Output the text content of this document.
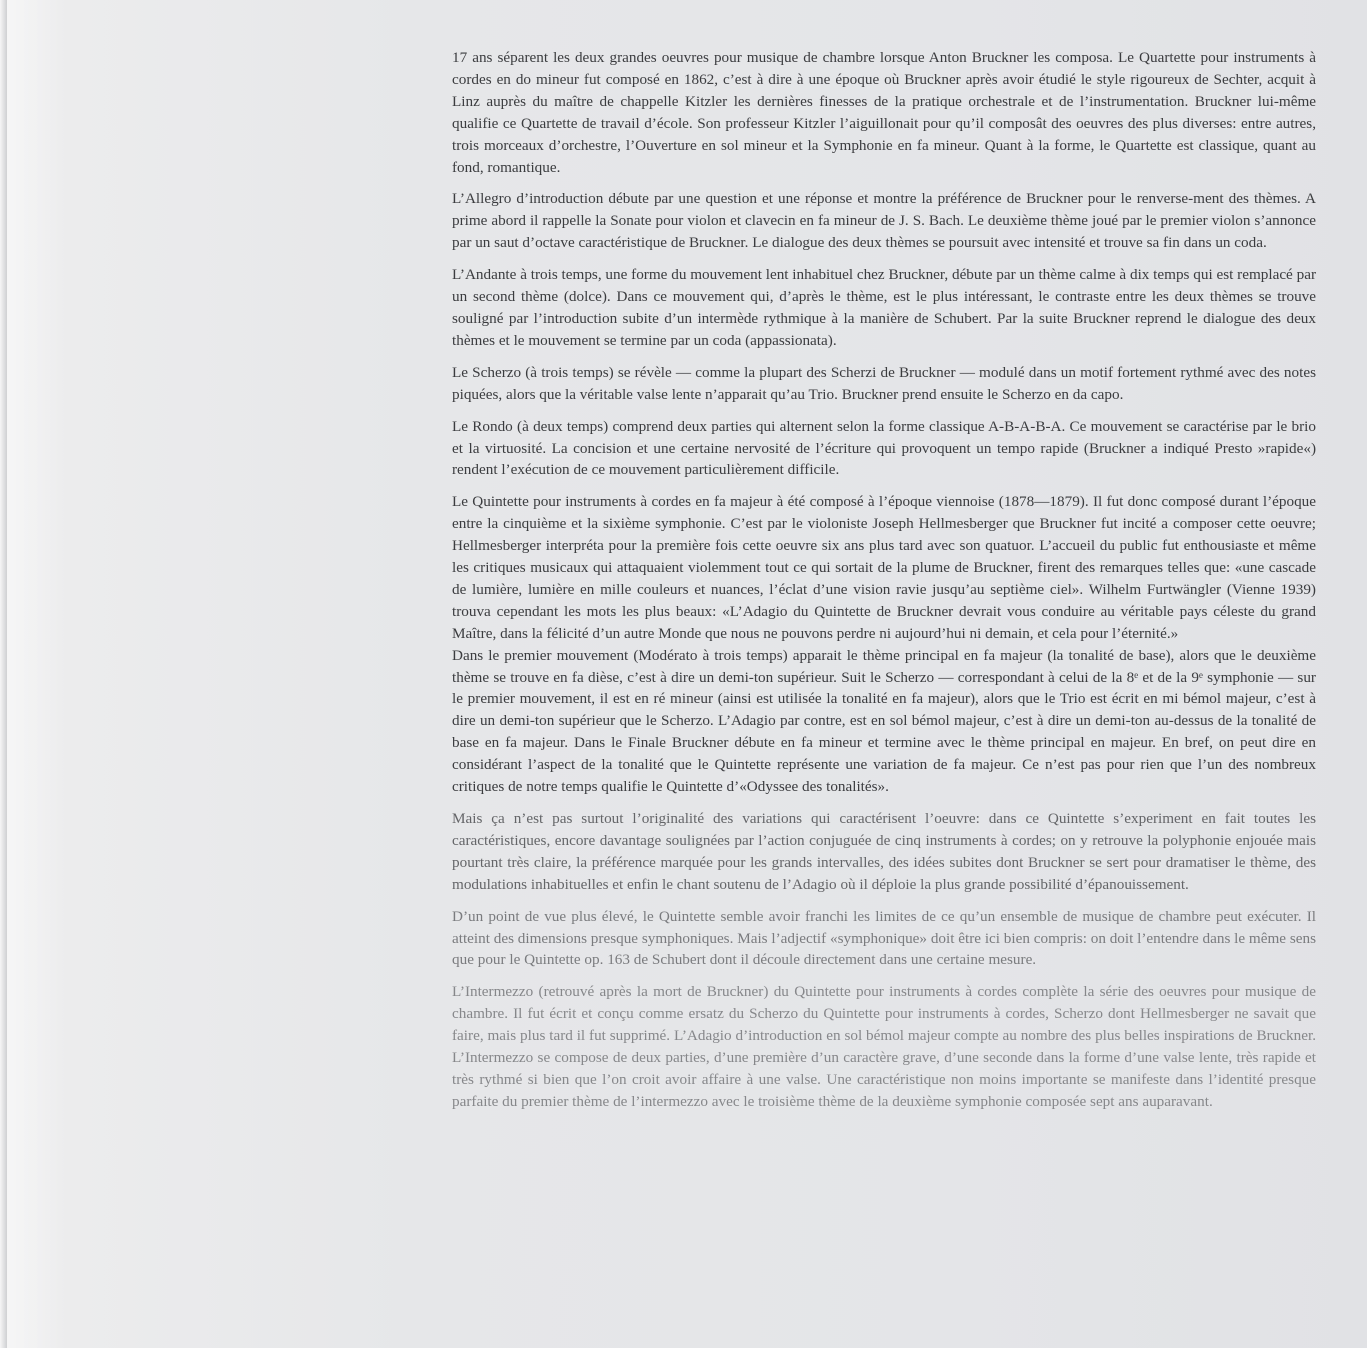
17 ans séparent les deux grandes oeuvres pour musique de chambre lorsque Anton Bruckner les composa. Le Quartette pour instruments à cordes en do mineur fut composé en 1862, c’est à dire à une époque où Bruckner après avoir étudié le style rigoureux de Sechter, acquit à Linz auprès du maître de chappelle Kitzler les dernières finesses de la pratique orchestrale et de l’instrumentation. Bruckner lui-même qualifie ce Quartette de travail d’école. Son professeur Kitzler l’aiguillonait pour qu’il composât des oeuvres des plus diverses: entre autres, trois morceaux d’orchestre, l’Ouverture en sol mineur et la Symphonie en fa mineur. Quant à la forme, le Quartette est classique, quant au fond, romantique.

L’Allegro d’introduction débute par une question et une réponse et montre la préférence de Bruckner pour le renverse-ment des thèmes. A prime abord il rappelle la Sonate pour violon et clavecin en fa mineur de J. S. Bach. Le deuxième thème joué par le premier violon s’annonce par un saut d’octave caractéristique de Bruckner. Le dialogue des deux thèmes se poursuit avec intensité et trouve sa fin dans un coda.

L’Andante à trois temps, une forme du mouvement lent inhabituel chez Bruckner, débute par un thème calme à dix temps qui est remplacé par un second thème (dolce). Dans ce mouvement qui, d’après le thème, est le plus intéressant, le contraste entre les deux thèmes se trouve souligné par l’introduction subite d’un intermède rythmique à la manière de Schubert. Par la suite Bruckner reprend le dialogue des deux thèmes et le mouvement se termine par un coda (appassionata).

Le Scherzo (à trois temps) se révèle — comme la plupart des Scherzi de Bruckner — modulé dans un motif fortement rythmé avec des notes piquées, alors que la véritable valse lente n’apparait qu’au Trio. Bruckner prend ensuite le Scherzo en da capo.

Le Rondo (à deux temps) comprend deux parties qui alternent selon la forme classique A-B-A-B-A. Ce mouvement se caractérise par le brio et la virtuosité. La concision et une certaine nervosité de l’écriture qui provoquent un tempo rapide (Bruckner a indiqué Presto »rapide«) rendent l’exécution de ce mouvement particulièrement difficile.

Le Quintette pour instruments à cordes en fa majeur à été composé à l’époque viennoise (1878—1879). Il fut donc composé durant l’époque entre la cinquième et la sixième symphonie. C’est par le violoniste Joseph Hellmesberger que Bruckner fut incité a composer cette oeuvre; Hellmesberger interpréta pour la première fois cette oeuvre six ans plus tard avec son quatuor. L’accueil du public fut enthousiaste et même les critiques musicaux qui attaquaient violemment tout ce qui sortait de la plume de Bruckner, firent des remarques telles que: «une cascade de lumière, lumière en mille couleurs et nuances, l’éclat d’une vision ravie jusqu’au septième ciel». Wilhelm Furtwängler (Vienne 1939) trouva cependant les mots les plus beaux: «L’Adagio du Quintette de Bruckner devrait vous conduire au véritable pays céleste du grand Maître, dans la félicité d’un autre Monde que nous ne pouvons perdre ni aujourd’hui ni demain, et cela pour l’éternité.»

Dans le premier mouvement (Modérato à trois temps) apparait le thème principal en fa majeur (la tonalité de base), alors que le deuxième thème se trouve en fa dièse, c’est à dire un demi-ton supérieur. Suit le Scherzo — correspondant à celui de la 8ᵉ et de la 9ᵉ symphonie — sur le premier mouvement, il est en ré mineur (ainsi est utilisée la tonalité en fa majeur), alors que le Trio est écrit en mi bémol majeur, c’est à dire un demi-ton supérieur que le Scherzo. L’Adagio par contre, est en sol bémol majeur, c’est à dire un demi-ton au-dessus de la tonalité de base en fa majeur. Dans le Finale Bruckner débute en fa mineur et termine avec le thème principal en majeur. En bref, on peut dire en considérant l’aspect de la tonalité que le Quintette représente une variation de fa majeur. Ce n’est pas pour rien que l’un des nombreux critiques de notre temps qualifie le Quintette d’«Odyssee des tonalités».

Mais ça n’est pas surtout l’originalité des variations qui caractérisent l’oeuvre: dans ce Quintette s’experiment en fait toutes les caractéristiques, encore davantage soulignées par l’action conjuguée de cinq instruments à cordes; on y retrouve la polyphonie enjouée mais pourtant très claire, la préférence marquée pour les grands intervalles, des idées subites dont Bruckner se sert pour dramatiser le thème, des modulations inhabituelles et enfin le chant soutenu de l’Adagio où il déploie la plus grande possibilité d’épanouissement.

D’un point de vue plus élevé, le Quintette semble avoir franchi les limites de ce qu’un ensemble de musique de chambre peut exécuter. Il atteint des dimensions presque symphoniques. Mais l’adjectif «symphonique» doit être ici bien compris: on doit l’entendre dans le même sens que pour le Quintette op. 163 de Schubert dont il découle directement dans une certaine mesure.

L’Intermezzo (retrouvé après la mort de Bruckner) du Quintette pour instruments à cordes complète la série des oeuvres pour musique de chambre. Il fut écrit et conçu comme ersatz du Scherzo du Quintette pour instruments à cordes, Scherzo dont Hellmesberger ne savait que faire, mais plus tard il fut supprimé. L’Adagio d’introduction en sol bémol majeur compte au nombre des plus belles inspirations de Bruckner. L’Intermezzo se compose de deux parties, d’une première d’un caractère grave, d’une seconde dans la forme d’une valse lente, très rapide et très rythmé si bien que l’on croit avoir affaire à une valse. Une caractéristique non moins importante se manifeste dans l’identité presque parfaite du premier thème de l’intermezzo avec le troisième thème de la deuxième symphonie composée sept ans auparavant.
